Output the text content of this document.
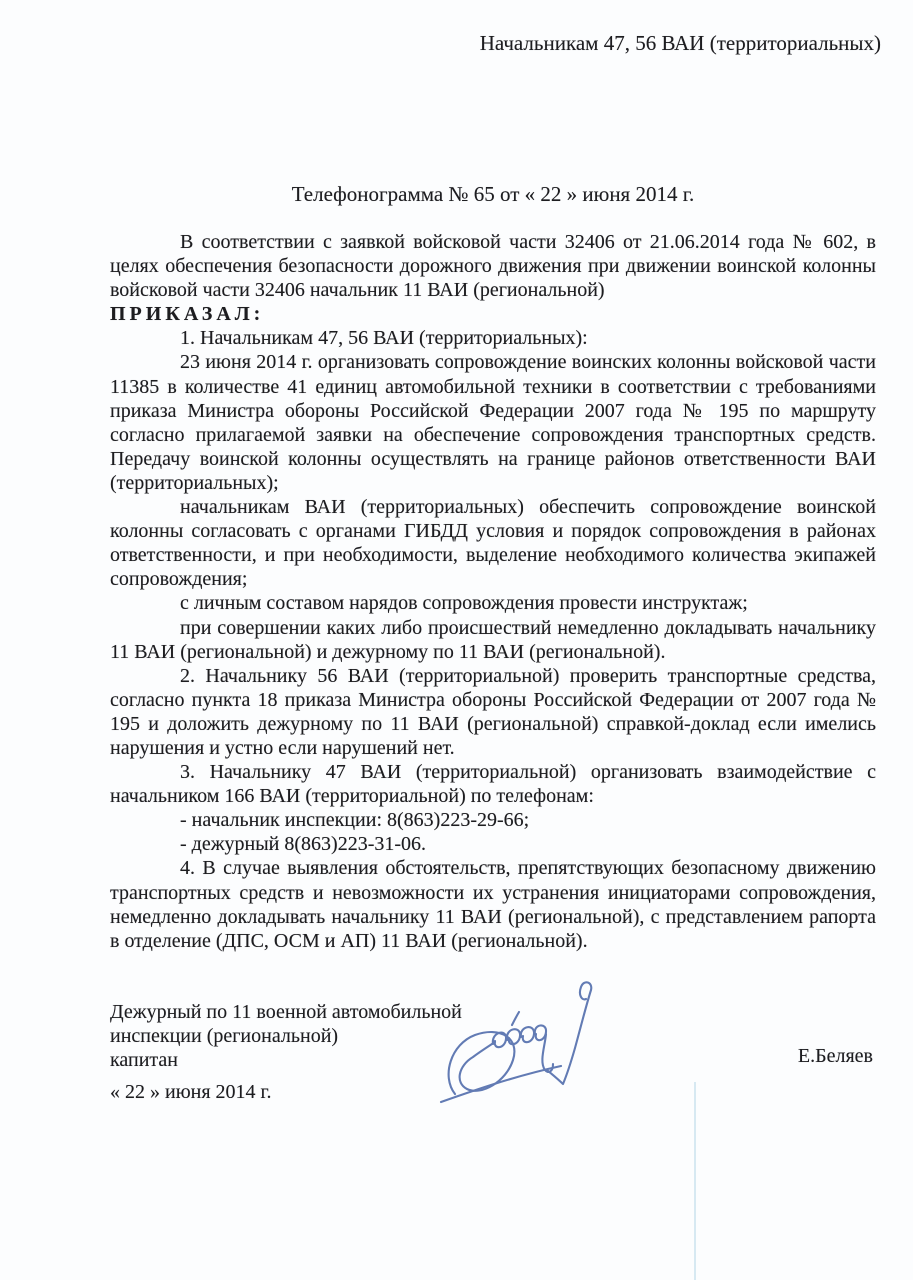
Начальникам 47, 56 ВАИ (территориальных)
Телефонограмма № 65 от « 22 » июня 2014 г.

В соответствии с заявкой войсковой части 32406 от 21.06.2014 года № 602, в целях обеспечения безопасности дорожного движения при движении воинской колонны войсковой части 32406 начальник 11 ВАИ (региональной)

ПРИКАЗАЛ:

1. Начальникам 47, 56 ВАИ (территориальных):

23 июня 2014 г. организовать сопровождение воинских колонны войсковой части 11385 в количестве 41 единиц автомобильной техники в соответствии с требованиями приказа Министра обороны Российской Федерации 2007 года № 195 по маршруту согласно прилагаемой заявки на обеспечение сопровождения транспортных средств. Передачу воинской колонны осуществлять на границе районов ответственности ВАИ (территориальных);

начальникам ВАИ (территориальных) обеспечить сопровождение воинской колонны согласовать с органами ГИБДД условия и порядок сопровождения в районах ответственности, и при необходимости, выделение необходимого количества экипажей сопровождения;

с личным составом нарядов сопровождения провести инструктаж;

при совершении каких либо происшествий немедленно докладывать начальнику 11 ВАИ (региональной) и дежурному по 11 ВАИ (региональной).

2. Начальнику 56 ВАИ (территориальной) проверить транспортные средства, согласно пункта 18 приказа Министра обороны Российской Федерации от 2007 года № 195 и доложить дежурному по 11 ВАИ (региональной) справкой-доклад если имелись нарушения и устно если нарушений нет.

3. Начальнику 47 ВАИ (территориальной) организовать взаимодействие с начальником 166 ВАИ (территориальной) по телефонам:

- начальник инспекции: 8(863)223-29-66;

- дежурный 8(863)223-31-06.

4. В случае выявления обстоятельств, препятствующих безопасному движению транспортных средств и невозможности их устранения инициаторами сопровождения, немедленно докладывать начальнику 11 ВАИ (региональной), с представлением рапорта в отделение (ДПС, ОСМ и АП) 11 ВАИ (региональной).

Дежурный по 11 военной автомобильной
инспекции (региональной)
капитан
« 22 » июня 2014 г.
Е.Беляев
